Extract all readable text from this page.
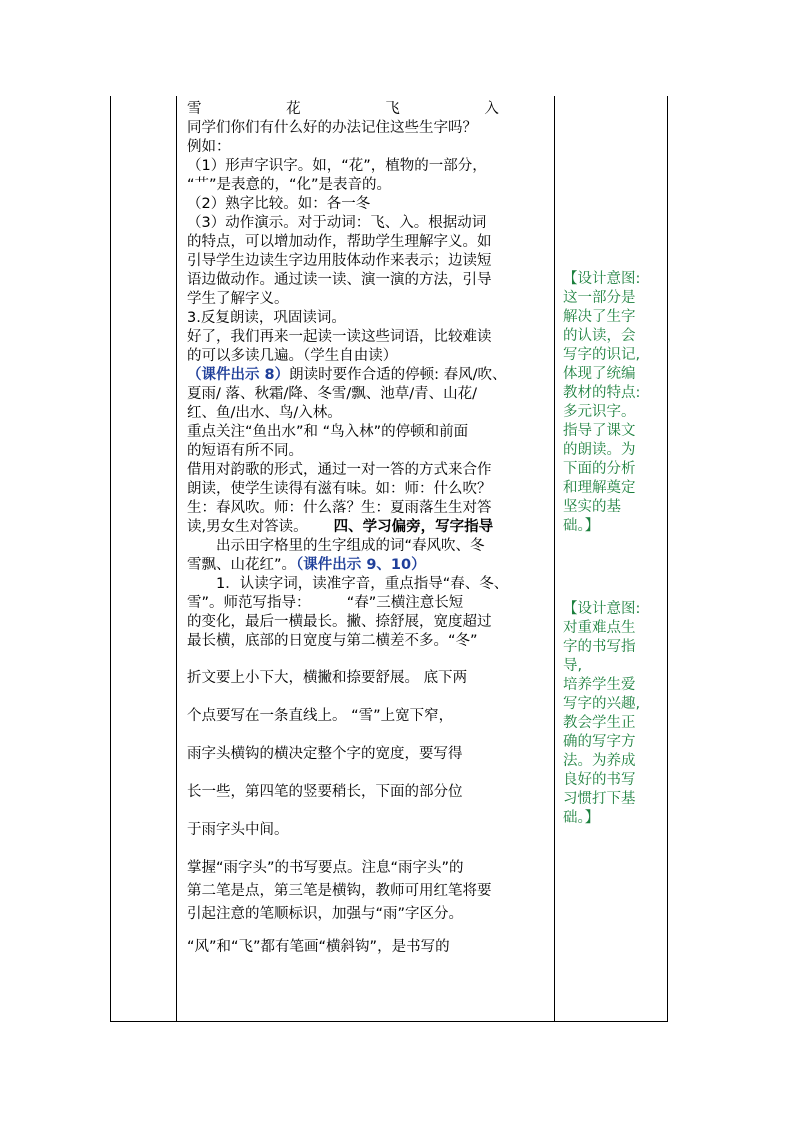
雪 花 飞 入

同学们你们有什么好的办法记住这些生字吗？

例如：

（1）形声字识字。如，“花”，植物的一部分，

“艹”是表意的，“化”是表音的。

（2）熟字比较。如：各一冬

（3）动作演示。对于动词：飞、入。根据动词

的特点，可以增加动作，帮助学生理解字义。如

引导学生边读生字边用肢体动作来表示；边读短

语边做动作。通过读一读、演一演的方法，引导

学生了解字义。

3.反复朗读，巩固读词。

好了，我们再来一起读一读这些词语，比较难读

的可以多读几遍。（学生自由读）

（课件出示 8）朗读时要作合适的停顿: 春风/吹、

夏雨/ 落、秋霜/降、冬雪/飘、池草/青、山花/

红、鱼/出水、鸟/入林。

重点关注“鱼出水”和 “鸟入林”的停顿和前面

的短语有所不同。

借用对韵歌的形式，通过一对一答的方式来合作

朗读，使学生读得有滋有味。如：师：什么吹？

生：春风吹。师：什么落？生：夏雨落生生对答

读,男女生对答读。 四、学习偏旁，写字指导

出示田字格里的生字组成的词“春风吹、冬

雪飘、山花红”。（课件出示 9、10）

1．认读字词，读准字音，重点指导“春、冬、

雪”。师范写指导：　　　“春”三横注意长短

的变化，最后一横最长。撇、捺舒展，宽度超过

最长横，底部的日宽度与第二横差不多。“冬”

折文要上小下大，横撇和捺要舒展。 底下两

个点要写在一条直线上。 “雪”上宽下窄，

雨字头横钩的横决定整个字的宽度，要写得

长一些，第四笔的竖要稍长，下面的部分位

于雨字头中间。

掌握“雨字头”的书写要点。注息“雨字头”的

第二笔是点，第三笔是横钩，教师可用红笔将要

引起注意的笔顺标识，加强与“雨”字区分。

“风”和“飞”都有笔画“横斜钩”，是书写的

【设计意图:

这一部分是

解决了生字

的认读，会

写字的识记,

体现了统编

教材的特点:

多元识字。

指导了课文

的朗读。为

下面的分析

和理解奠定

坚实的基

础。】

【设计意图:

对重难点生

字的书写指

导,

培养学生爱

写字的兴趣,

教会学生正

确的写字方

法。为养成

良好的书写

习惯打下基

础。】
